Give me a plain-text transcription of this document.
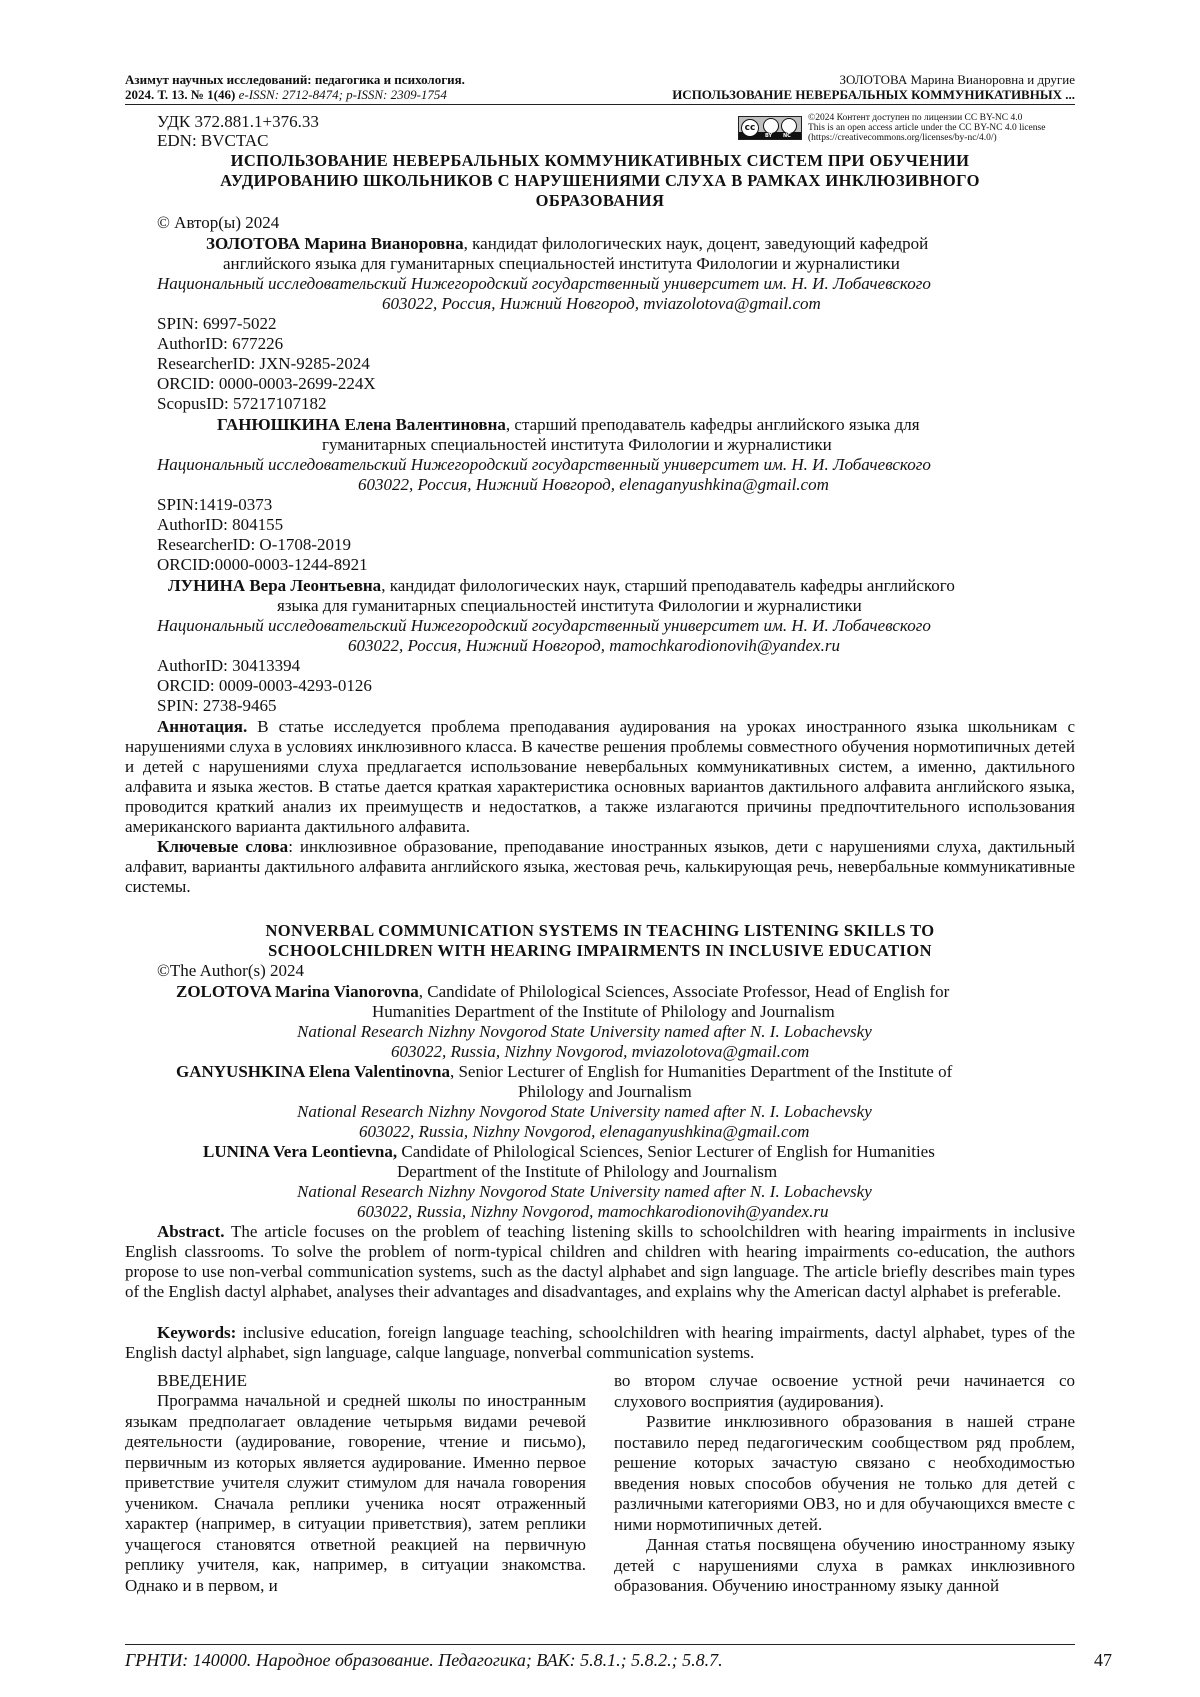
Азимут научных исследований: педагогика и психология.
2024. Т. 13. № 1(46) e-ISSN: 2712-8474; p-ISSN: 2309-1754
ЗОЛОТОВА Марина Вианоровна и другие
ИСПОЛЬЗОВАНИЕ НЕВЕРБАЛЬНЫХ КОММУНИКАТИВНЫХ ...
УДК 372.881.1+376.33
EDN: BVCTAC
cc
BY NC
©2024 Контент доступен по лицензии CC BY-NC 4.0
This is an open access article under the CC BY-NC 4.0 license
(https://creativecommons.org/licenses/by-nc/4.0/)
ИСПОЛЬЗОВАНИЕ НЕВЕРБАЛЬНЫХ КОММУНИКАТИВНЫХ СИСТЕМ ПРИ ОБУЧЕНИИ
АУДИРОВАНИЮ ШКОЛЬНИКОВ С НАРУШЕНИЯМИ СЛУХА В РАМКАХ ИНКЛЮЗИВНОГО
ОБРАЗОВАНИЯ
© Автор(ы) 2024
ЗОЛОТОВА Марина Вианоровна, кандидат филологических наук, доцент, заведующий кафедрой
английского языка для гуманитарных специальностей института Филологии и журналистики
Национальный исследовательский Нижегородский государственный университет им. Н. И. Лобачевского
603022, Россия, Нижний Новгород, mviazolotova@gmail.com
SPIN: 6997-5022
AuthorID: 677226
ResearcherID: JXN-9285-2024
ORCID: 0000-0003-2699-224X
ScopusID: 57217107182
ГАНЮШКИНА Елена Валентиновна, старший преподаватель кафедры английского языка для
гуманитарных специальностей института Филологии и журналистики
Национальный исследовательский Нижегородский государственный университет им. Н. И. Лобачевского
603022, Россия, Нижний Новгород, elenaganyushkina@gmail.com
SPIN:1419-0373
AuthorID: 804155
ResearcherID: O-1708-2019
ORCID:0000-0003-1244-8921
ЛУНИНА Вера Леонтьевна, кандидат филологических наук, старший преподаватель кафедры английского
языка для гуманитарных специальностей института Филологии и журналистики
Национальный исследовательский Нижегородский государственный университет им. Н. И. Лобачевского
603022, Россия, Нижний Новгород, mamochkarodionovih@yandex.ru
AuthorID: 30413394
ORCID: 0009-0003-4293-0126
SPIN: 2738-9465
Аннотация. В статье исследуется проблема преподавания аудирования на уроках иностранного языка школьникам с нарушениями слуха в условиях инклюзивного класса. В качестве решения проблемы совместного обучения нормотипичных детей и детей с нарушениями слуха предлагается использование невербальных коммуникативных систем, а именно, дактильного алфавита и языка жестов. В статье дается краткая характеристика основных вариантов дактильного алфавита английского языка, проводится краткий анализ их преимуществ и недостатков, а также излагаются причины предпочтительного использования американского варианта дактильного алфавита.
Ключевые слова: инклюзивное образование, преподавание иностранных языков, дети с нарушениями слуха, дактильный алфавит, варианты дактильного алфавита английского языка, жестовая речь, калькирующая речь, невербальные коммуникативные системы.
NONVERBAL COMMUNICATION SYSTEMS IN TEACHING LISTENING SKILLS TO
SCHOOLCHILDREN WITH HEARING IMPAIRMENTS IN INCLUSIVE EDUCATION
©The Author(s) 2024
ZOLOTOVA Marina Vianorovna, Candidate of Philological Sciences, Associate Professor, Head of English for
Humanities Department of the Institute of Philology and Journalism
National Research Nizhny Novgorod State University named after N. I. Lobachevsky
603022, Russia, Nizhny Novgorod, mviazolotova@gmail.com
GANYUSHKINA Elena Valentinovna, Senior Lecturer of English for Humanities Department of the Institute of
Philology and Journalism
National Research Nizhny Novgorod State University named after N. I. Lobachevsky
603022, Russia, Nizhny Novgorod, elenaganyushkina@gmail.com
LUNINA Vera Leontievna, Candidate of Philological Sciences, Senior Lecturer of English for Humanities
Department of the Institute of Philology and Journalism
National Research Nizhny Novgorod State University named after N. I. Lobachevsky
603022, Russia, Nizhny Novgorod, mamochkarodionovih@yandex.ru
Abstract. The article focuses on the problem of teaching listening skills to schoolchildren with hearing impairments in inclusive English classrooms. To solve the problem of norm-typical children and children with hearing impairments co-education, the authors propose to use non-verbal communication systems, such as the dactyl alphabet and sign language. The article briefly describes main types of the English dactyl alphabet, analyses their advantages and disadvantages, and explains why the American dactyl alphabet is preferable.
Keywords: inclusive education, foreign language teaching, schoolchildren with hearing impairments, dactyl alphabet, types of the English dactyl alphabet, sign language, calque language, nonverbal communication systems.
ВВЕДЕНИЕ
Программа начальной и средней школы по иностранным языкам предполагает овладение четырьмя видами речевой деятельности (аудирование, говорение, чтение и письмо), первичным из которых является аудирование. Именно первое приветствие учителя служит стимулом для начала говорения учеником. Сначала реплики ученика носят отраженный характер (например, в ситуации приветствия), затем реплики учащегося становятся ответной реакцией на первичную реплику учителя, как, например, в ситуации знакомства. Однако и в первом, и
во втором случае освоение устной речи начинается со слухового восприятия (аудирования).
Развитие инклюзивного образования в нашей стране поставило перед педагогическим сообществом ряд проблем, решение которых зачастую связано с необходимостью введения новых способов обучения не только для детей с различными категориями ОВЗ, но и для обучающихся вместе с ними нормотипичных детей.
Данная статья посвящена обучению иностранному языку детей с нарушениями слуха в рамках инклюзивного образования. Обучению иностранному языку данной
ГРНТИ: 140000. Народное образование. Педагогика; ВАК: 5.8.1.; 5.8.2.; 5.8.7.	47
